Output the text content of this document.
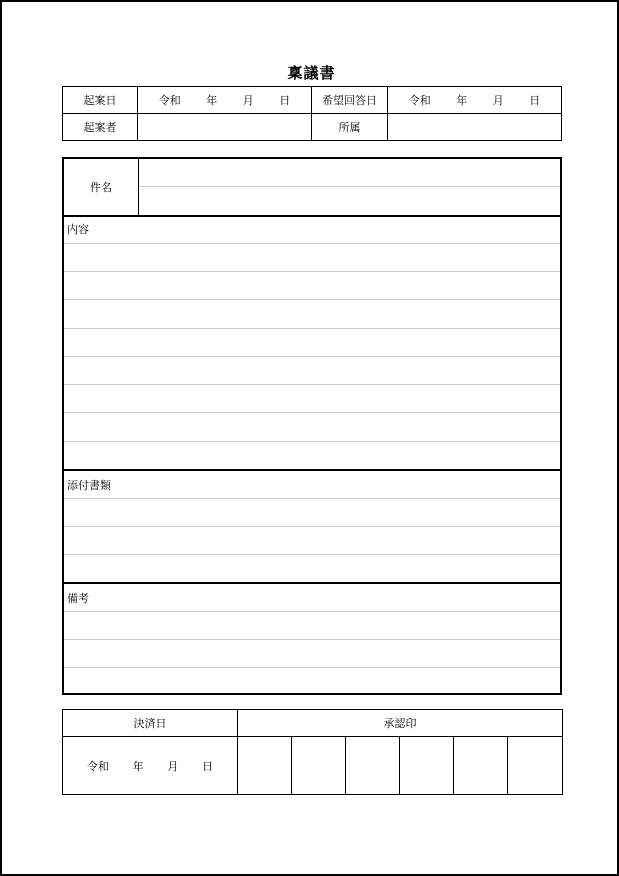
稟議書
起案日	令和 年 月 日	希望回答日	令和 年 月 日

起案者		所属	
件名
内容
添付書類
備考
決済日	承認印					

令和 年 月 日						
